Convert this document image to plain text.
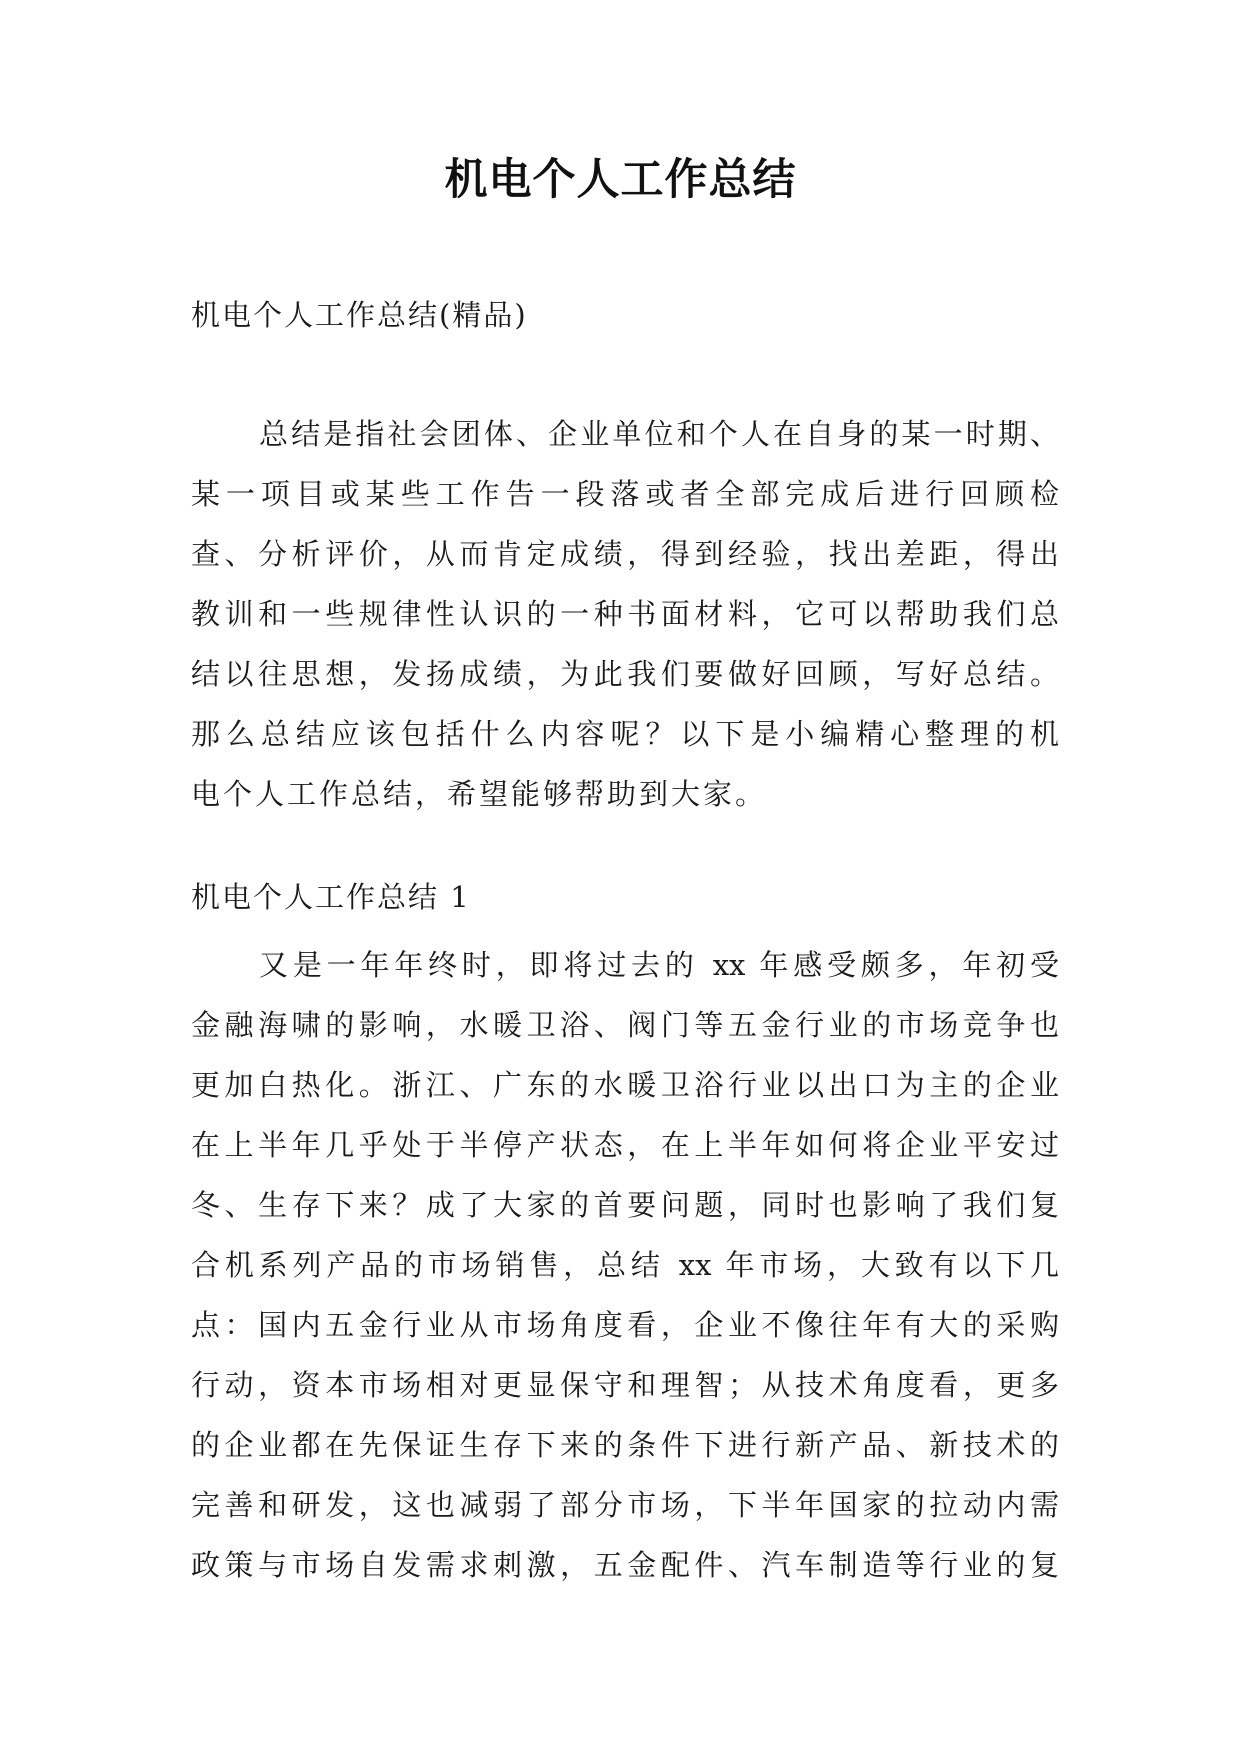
机电个人工作总结
机电个人工作总结(精品)
总结是指社会团体、企业单位和个人在自身的某一时期、
某一项目或某些工作告一段落或者全部完成后进行回顾检
查、分析评价，从而肯定成绩，得到经验，找出差距，得出
教训和一些规律性认识的一种书面材料，它可以帮助我们总
结以往思想，发扬成绩，为此我们要做好回顾，写好总结。
那么总结应该包括什么内容呢？以下是小编精心整理的机
电个人工作总结，希望能够帮助到大家。
机电个人工作总结 1
又是一年年终时，即将过去的 xx 年感受颇多，年初受
金融海啸的影响，水暖卫浴、阀门等五金行业的市场竞争也
更加白热化。浙江、广东的水暖卫浴行业以出口为主的企业
在上半年几乎处于半停产状态，在上半年如何将企业平安过
冬、生存下来？成了大家的首要问题，同时也影响了我们复
合机系列产品的市场销售，总结 xx 年市场，大致有以下几
点：国内五金行业从市场角度看，企业不像往年有大的采购
行动，资本市场相对更显保守和理智；从技术角度看，更多
的企业都在先保证生存下来的条件下进行新产品、新技术的
完善和研发，这也减弱了部分市场，下半年国家的拉动内需
政策与市场自发需求刺激，五金配件、汽车制造等行业的复
